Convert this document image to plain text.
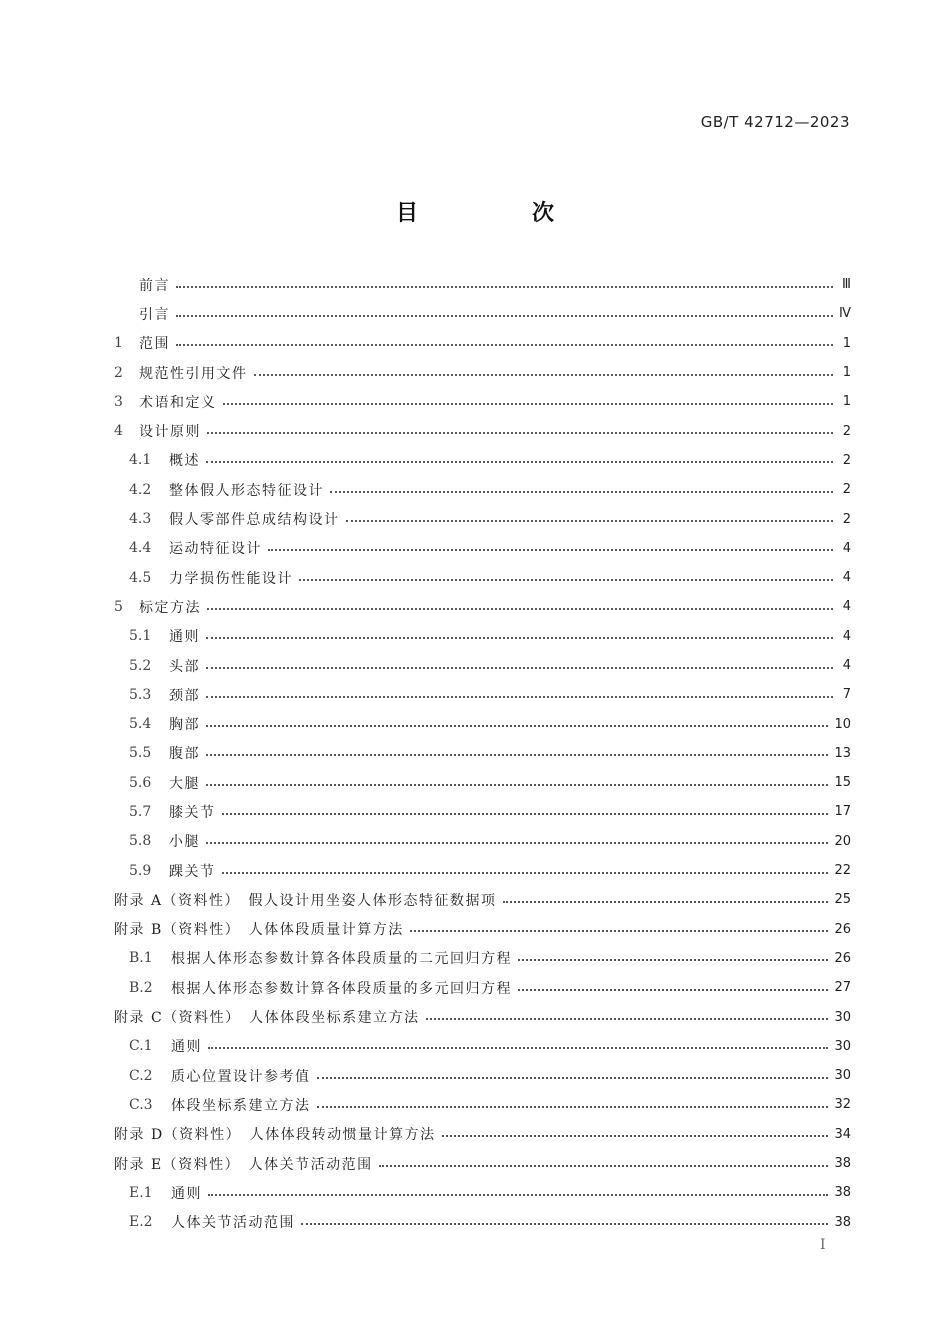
GB/T 42712—2023
目　次
前言	Ⅲ
引言	Ⅳ
1	范围	1
2	规范性引用文件	1
3	术语和定义	1
4	设计原则	2
4.1	概述	2
4.2	整体假人形态特征设计	2
4.3	假人零部件总成结构设计	2
4.4	运动特征设计	4
4.5	力学损伤性能设计	4
5	标定方法	4
5.1	通则	4
5.2	头部	4
5.3	颈部	7
5.4	胸部	10
5.5	腹部	13
5.6	大腿	15
5.7	膝关节	17
5.8	小腿	20
5.9	踝关节	22
附录 A（资料性）　假人设计用坐姿人体形态特征数据项	25
附录 B（资料性）　人体体段质量计算方法	26
B.1	根据人体形态参数计算各体段质量的二元回归方程	26
B.2	根据人体形态参数计算各体段质量的多元回归方程	27
附录 C（资料性）　人体体段坐标系建立方法	30
C.1	通则	30
C.2	质心位置设计参考值	30
C.3	体段坐标系建立方法	32
附录 D（资料性）　人体体段转动惯量计算方法	34
附录 E（资料性）　人体关节活动范围	38
E.1	通则	38
E.2	人体关节活动范围	38
I
